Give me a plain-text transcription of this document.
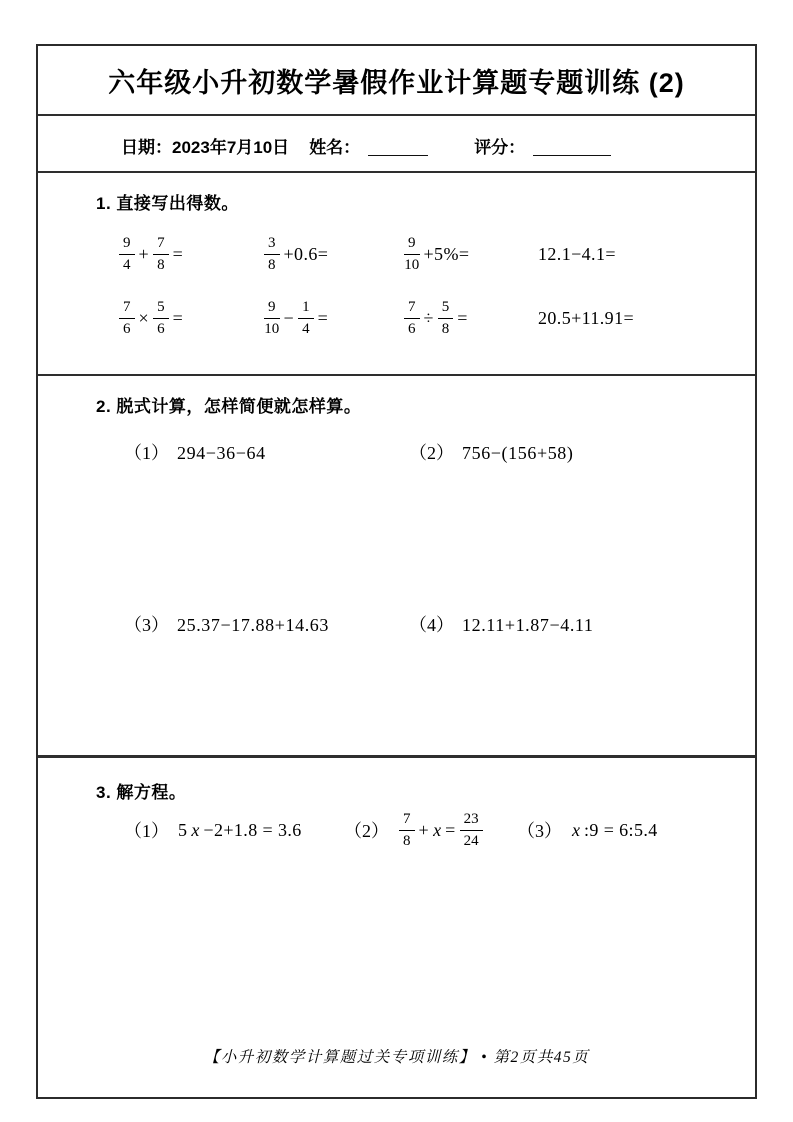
六年级小升初数学暑假作业计算题专题训练 (2)
日期：2023年7月10日 姓名：	评分：
1. 直接写出得数。
$\frac{9}{4} + \frac{7}{8}$ =	$\frac{3}{8} +0.6=$	$\frac{9}{10} +5\%=$	12.1−4.1=
$\frac{7}{6} \times \frac{5}{6}$ =	$\frac{9}{10} - \frac{1}{4}$ =	$\frac{7}{6} \div \frac{5}{8}$ =	20.5+11.91=
2. 脱式计算，怎样简便就怎样算。
（1） 294−36−64	（2） 756−(156+58)
（3） 25.37−17.88+14.63	（4） 12.11+1.87−4.11
3. 解方程。
（1） 5 x −2+1.8 = 3.6 $(2) \frac{7}{8} + x = \frac{23}{24} (3)$ x :9 = 6:5.4
【小升初数学计算题过关专项训练】 • 第2页共45页
